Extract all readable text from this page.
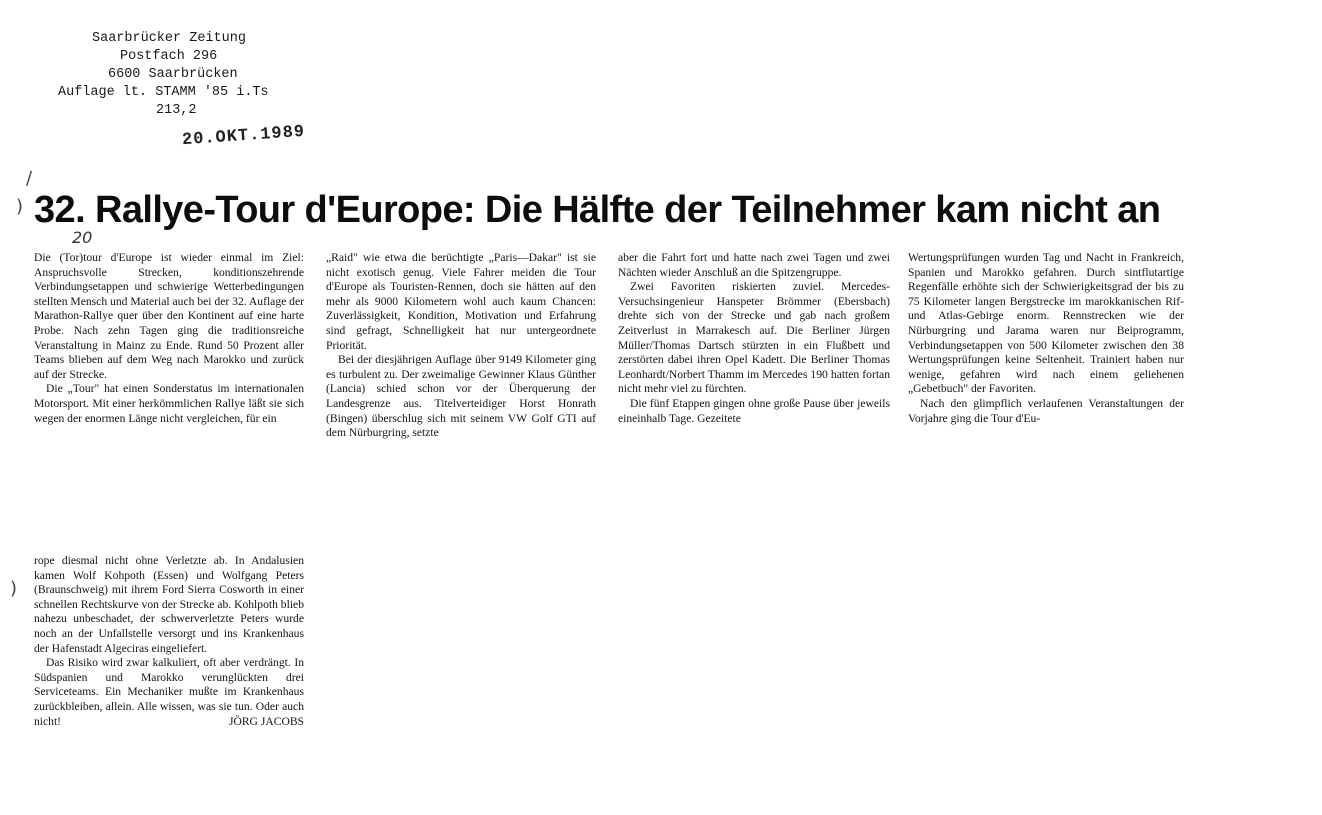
Saarbrücker Zeitung
Postfach 296
6600 Saarbrücken
Auflage lt. STAMM '85 i.Ts
213,2
20.OKT.1989
/
)
)
32. Rallye-Tour d'Europe: Die Hälfte der Teilnehmer kam nicht an
20

Die (Tor)tour d'Europe ist wieder einmal im Ziel: Anspruchsvolle Strecken, konditionszehrende Verbindungsetappen und schwierige Wetterbedingungen stellten Mensch und Material auch bei der 32. Auflage der Marathon-Rallye quer über den Kontinent auf eine harte Probe. Nach zehn Tagen ging die traditionsreiche Veranstaltung in Mainz zu Ende. Rund 50 Prozent aller Teams blieben auf dem Weg nach Marokko und zurück auf der Strecke.

Die „Tour" hat einen Sonderstatus im internationalen Motorsport. Mit einer herkömmlichen Rallye läßt sie sich wegen der enormen Länge nicht vergleichen, für ein

„Raid" wie etwa die berüchtigte „Paris—Dakar" ist sie nicht exotisch genug. Viele Fahrer meiden die Tour d'Europe als Touristen-Rennen, doch sie hätten auf den mehr als 9000 Kilometern wohl auch kaum Chancen: Zuverlässigkeit, Kondition, Motivation und Erfahrung sind gefragt, Schnelligkeit hat nur untergeordnete Priorität.

Bei der diesjährigen Auflage über 9149 Kilometer ging es turbulent zu. Der zweimalige Gewinner Klaus Günther (Lancia) schied schon vor der Überquerung der Landesgrenze aus. Titelverteidiger Horst Honrath (Bingen) überschlug sich mit seinem VW Golf GTI auf dem Nürburgring, setzte

aber die Fahrt fort und hatte nach zwei Tagen und zwei Nächten wieder Anschluß an die Spitzengruppe.

Zwei Favoriten riskierten zuviel. Mercedes-Versuchsingenieur Hanspeter Brömmer (Ebersbach) drehte sich von der Strecke und gab nach großem Zeitverlust in Marrakesch auf. Die Berliner Jürgen Müller/Thomas Dartsch stürzten in ein Flußbett und zerstörten dabei ihren Opel Kadett. Die Berliner Thomas Leonhardt/Norbert Thamm im Mercedes 190 hatten fortan nicht mehr viel zu fürchten.

Die fünf Etappen gingen ohne große Pause über jeweils eineinhalb Tage. Gezeitete

Wertungsprüfungen wurden Tag und Nacht in Frankreich, Spanien und Marokko gefahren. Durch sintflutartige Regenfälle erhöhte sich der Schwierigkeitsgrad der bis zu 75 Kilometer langen Bergstrecke im marokkanischen Rif- und Atlas-Gebirge enorm. Rennstrecken wie der Nürburgring und Jarama waren nur Beiprogramm, Verbindungsetappen von 500 Kilometer zwischen den 38 Wertungsprüfungen keine Seltenheit. Trainiert haben nur wenige, gefahren wird nach einem geliehenen „Gebetbuch" der Favoriten.

Nach den glimpflich verlaufenen Veranstaltungen der Vorjahre ging die Tour d'Eu-

rope diesmal nicht ohne Verletzte ab. In Andalusien kamen Wolf Kohpoth (Essen) und Wolfgang Peters (Braunschweig) mit ihrem Ford Sierra Cosworth in einer schnellen Rechtskurve von der Strecke ab. Kohlpoth blieb nahezu unbeschadet, der schwerverletzte Peters wurde noch an der Unfallstelle versorgt und ins Krankenhaus der Hafenstadt Algeciras eingeliefert.

Das Risiko wird zwar kalkuliert, oft aber verdrängt. In Südspanien und Marokko verunglückten drei Serviceteams. Ein Mechaniker mußte im Krankenhaus zurückbleiben, allein. Alle wissen, was sie tun. Oder auch nicht!	JÖRG JACOBS
